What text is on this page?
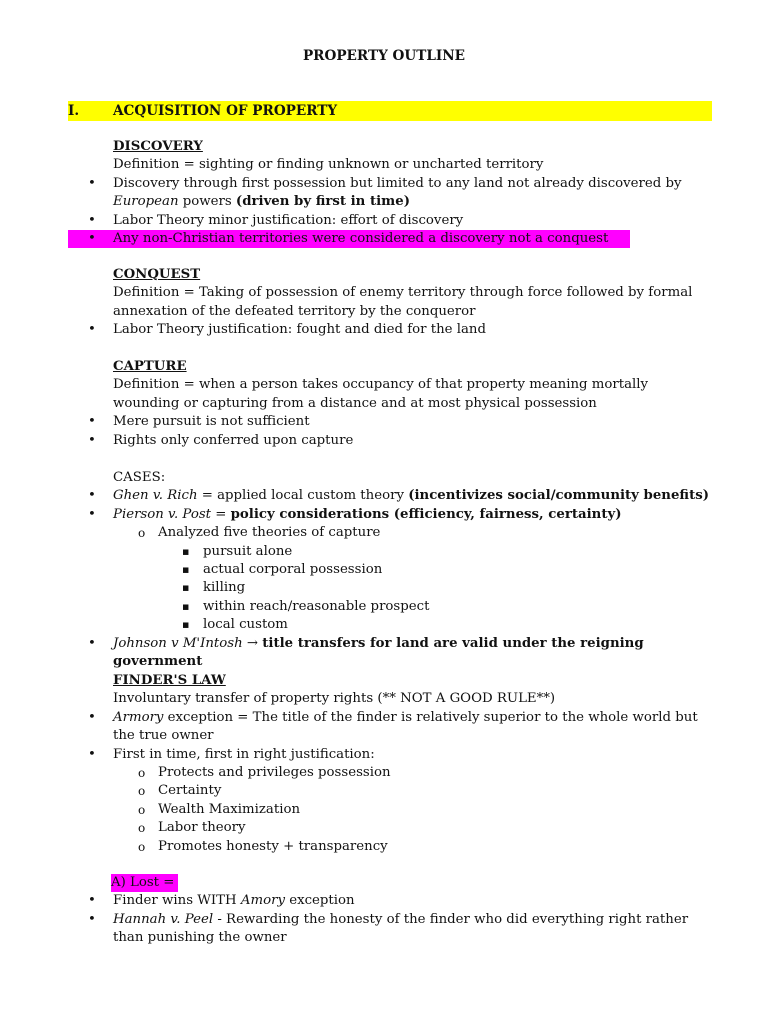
PROPERTY OUTLINE
I. ACQUISITION OF PROPERTY
DISCOVERY
Definition = sighting or finding unknown or uncharted territory
• Discovery through first possession but limited to any land not already discovered by European powers (driven by first in time)
• Labor Theory minor justification: effort of discovery
• Any non-Christian territories were considered a discovery not a conquest
CONQUEST
Definition = Taking of possession of enemy territory through force followed by formal annexation of the defeated territory by the conqueror
• Labor Theory justification: fought and died for the land
CAPTURE
Definition = when a person takes occupancy of that property meaning mortally wounding or capturing from a distance and at most physical possession
• Mere pursuit is not sufficient
• Rights only conferred upon capture
CASES:
• Ghen v. Rich = applied local custom theory (incentivizes social/community benefits)
• Pierson v. Post = policy considerations (efficiency, fairness, certainty)
o Analyzed five theories of capture
▪ pursuit alone
▪ actual corporal possession
▪ killing
▪ within reach/reasonable prospect
▪ local custom
• Johnson v M'Intosh → title transfers for land are valid under the reigning government
FINDER'S LAW
Involuntary transfer of property rights (** NOT A GOOD RULE**)
• Armory exception = The title of the finder is relatively superior to the whole world but the true owner
• First in time, first in right justification:
o Protects and privileges possession
o Certainty
o Wealth Maximization
o Labor theory
o Promotes honesty + transparency
A) Lost =
• Finder wins WITH Amory exception
• Hannah v. Peel - Rewarding the honesty of the finder who did everything right rather than punishing the owner
